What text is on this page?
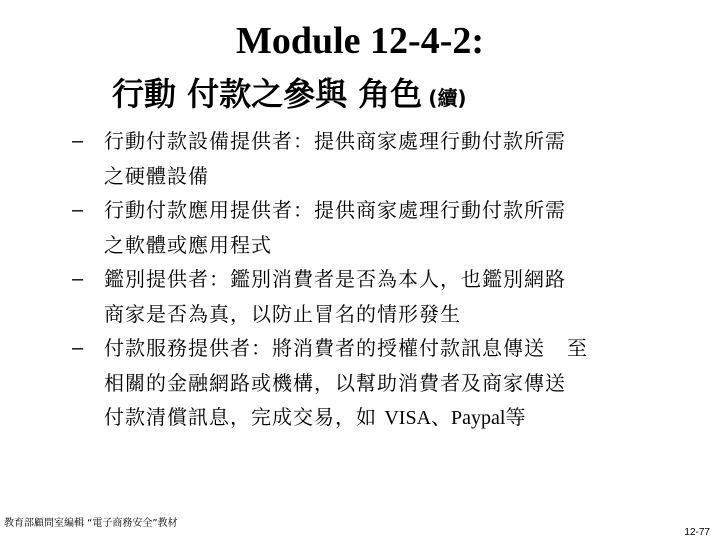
Module 12-4-2:
行動 付款之參與 角色 (續)
– 行動付款設備提供者：提供商家處理行動付款所需
之硬體設備
– 行動付款應用提供者：提供商家處理行動付款所需
之軟體或應用程式
– 鑑別提供者：鑑別消費者是否為本人，也鑑別網路
商家是否為真，以防止冒名的情形發生
– 付款服務提供者：將消費者的授權付款訊息傳送 至
相關的金融網路或機構，以幫助消費者及商家傳送
付款清償訊息，完成交易，如 VISA、Paypal等
教育部顧問室編輯 “電子商務安全”教材
12-77
